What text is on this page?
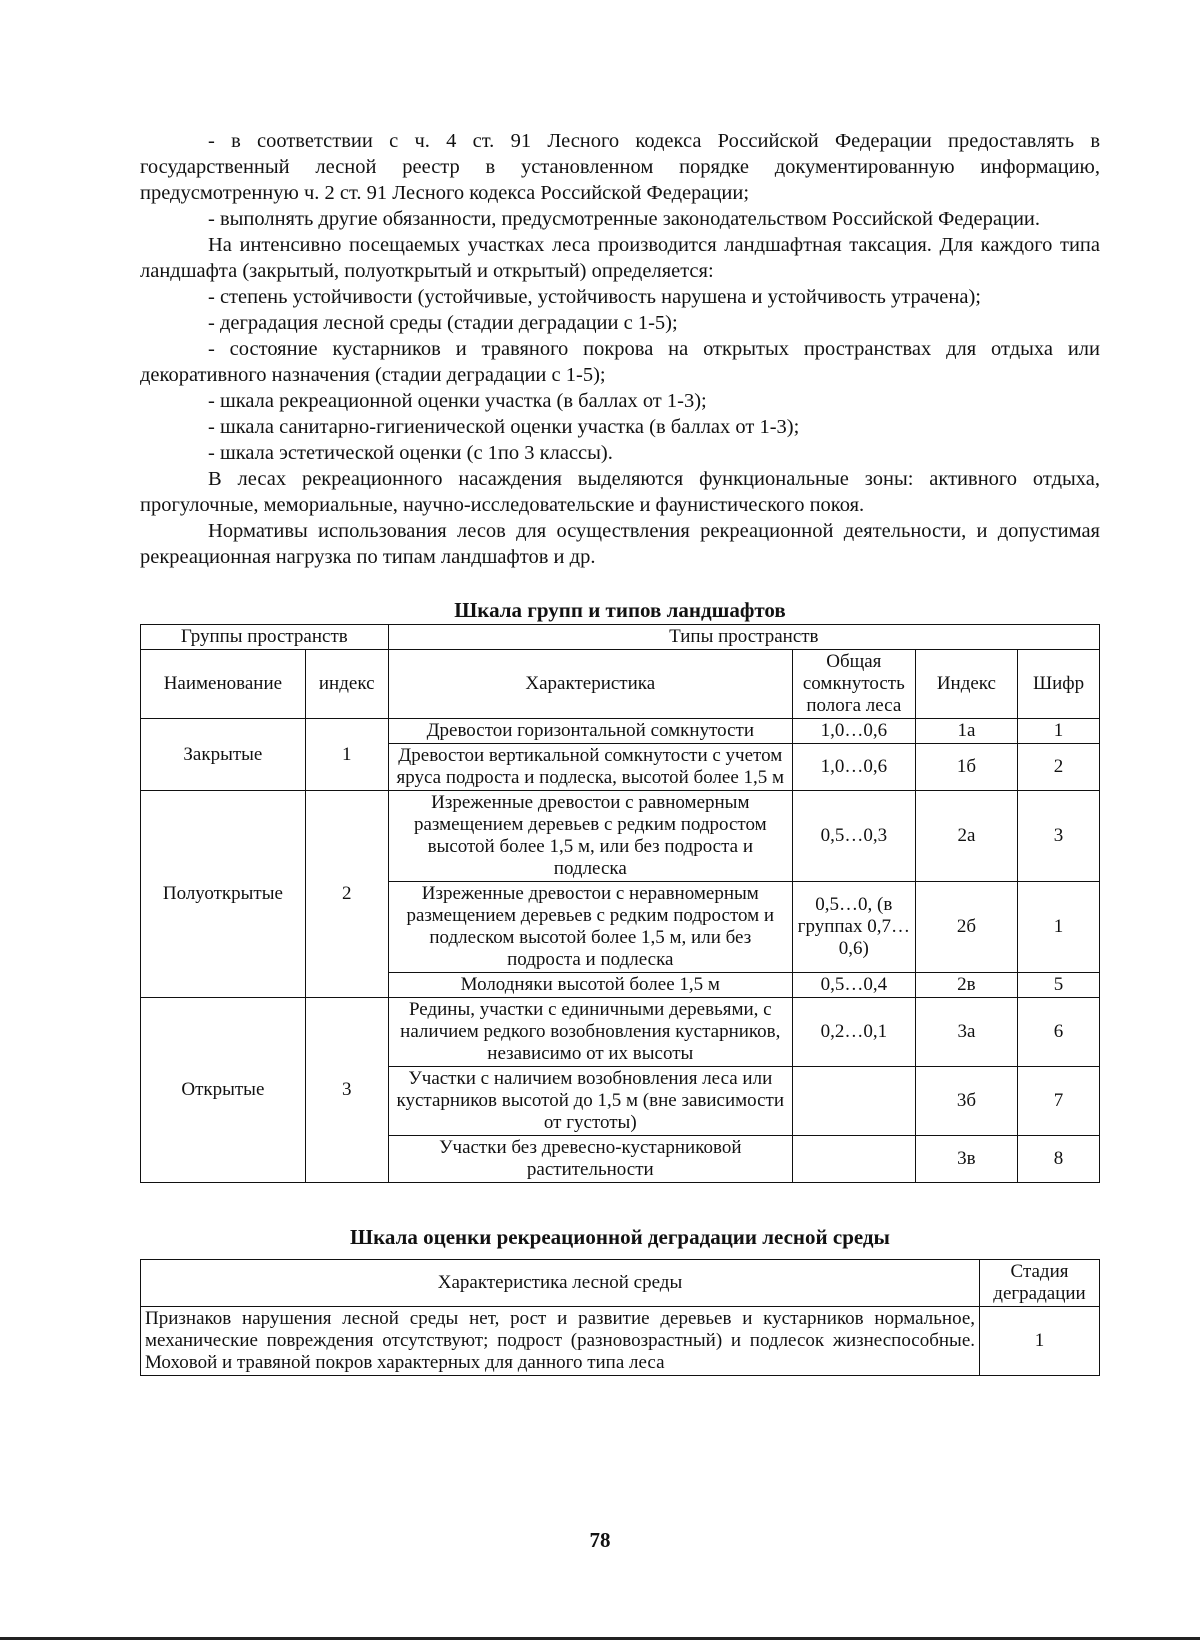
- в соответствии с ч. 4 ст. 91 Лесного кодекса Российской Федерации предоставлять в государственный лесной реестр в установленном порядке документированную информацию, предусмотренную ч. 2 ст. 91 Лесного кодекса Российской Федерации;

- выполнять другие обязанности, предусмотренные законодательством Российской Федерации.

На интенсивно посещаемых участках леса производится ландшафтная таксация. Для каждого типа ландшафта (закрытый, полуоткрытый и открытый) определяется:

- степень устойчивости (устойчивые, устойчивость нарушена и устойчивость утрачена);

- деградация лесной среды (стадии деградации с 1-5);

- состояние кустарников и травяного покрова на открытых пространствах для отдыха или декоративного назначения (стадии деградации с 1-5);

- шкала рекреационной оценки участка (в баллах от 1-3);

- шкала санитарно-гигиенической оценки участка (в баллах от 1-3);

- шкала эстетической оценки (с 1по 3 классы).

В лесах рекреационного насаждения выделяются функциональные зоны: активного отдыха, прогулочные, мемориальные, научно-исследовательские и фаунистического покоя.

Нормативы использования лесов для осуществления рекреационной деятельности, и допустимая рекреационная нагрузка по типам ландшафтов и др.

Шкала групп и типов ландшафтов

Группы пространств		Типы пространств			
Наименование	индекс	Характеристика	Общая сомкнутость полога леса	Индекс	Шифр
Закрытые	1	Древостои горизонтальной сомкнутости	1,0…0,6	1а	1
		Древостои вертикальной сомкнутости с учетом яруса подроста и подлеска, высотой более 1,5 м	1,0…0,6	1б	2
Полуоткрытые	2	Изреженные древостои с равномерным размещением деревьев с редким подростом высотой более 1,5 м, или без подроста и подлеска	0,5…0,3	2а	3
		Изреженные древостои с неравномерным размещением деревьев с редким подростом и подлеском высотой более 1,5 м, или без подроста и подлеска	0,5…0, (в группах 0,7…0,6)	2б	1
		Молодняки высотой более 1,5 м	0,5…0,4	2в	5
Открытые	3	Редины, участки с единичными деревьями, с наличием редкого возобновления кустарников, независимо от их высоты	0,2…0,1	3а	6
		Участки с наличием возобновления леса или кустарников высотой до 1,5 м (вне зависимости от густоты)		3б	7
		Участки без древесно-кустарниковой растительности		3в	8

Шкала оценки рекреационной деградации лесной среды

Характеристика лесной среды	Стадия деградации
Признаков нарушения лесной среды нет, рост и развитие деревьев и кустарников нормальное, механические повреждения отсутствуют; подрост (разновозрастный) и подлесок жизнеспособные. Моховой и травяной покров характерных для данного типа леса	1
78
